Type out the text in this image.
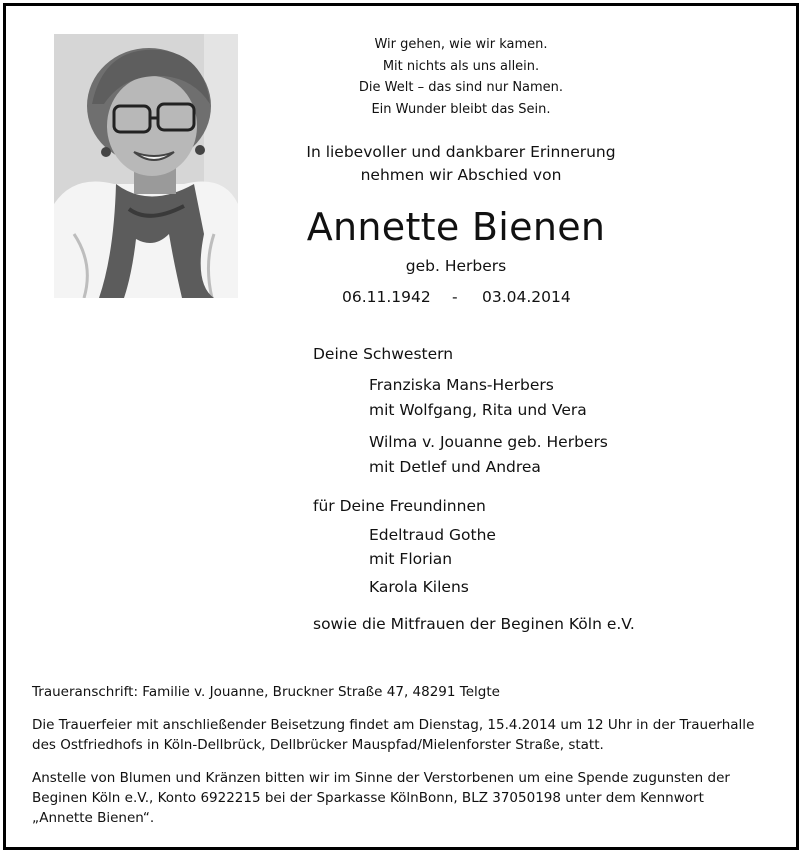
Wir gehen, wie wir kamen.
Mit nichts als uns allein.
Die Welt – das sind nur Namen.
Ein Wunder bleibt das Sein.
In liebevoller und dankbarer Erinnerung
nehmen wir Abschied von
Annette Bienen
geb. Herbers
06.11.1942 - 03.04.2014
Deine Schwestern
Franziska Mans-Herbers
mit Wolfgang, Rita und Vera
Wilma v. Jouanne geb. Herbers
mit Detlef und Andrea
für Deine Freundinnen
Edeltraud Gothe
mit Florian
Karola Kilens
sowie die Mitfrauen der Beginen Köln e.V.
Traueranschrift: Familie v. Jouanne, Bruckner Straße 47, 48291 Telgte
Die Trauerfeier mit anschließender Beisetzung findet am Dienstag, 15.4.2014 um 12 Uhr in der Trauerhalle
des Ostfriedhofs in Köln-Dellbrück, Dellbrücker Mauspfad/Mielenforster Straße, statt.
Anstelle von Blumen und Kränzen bitten wir im Sinne der Verstorbenen um eine Spende zugunsten der
Beginen Köln e.V., Konto 6922215 bei der Sparkasse KölnBonn, BLZ 37050198 unter dem Kennwort
„Annette Bienen“.
